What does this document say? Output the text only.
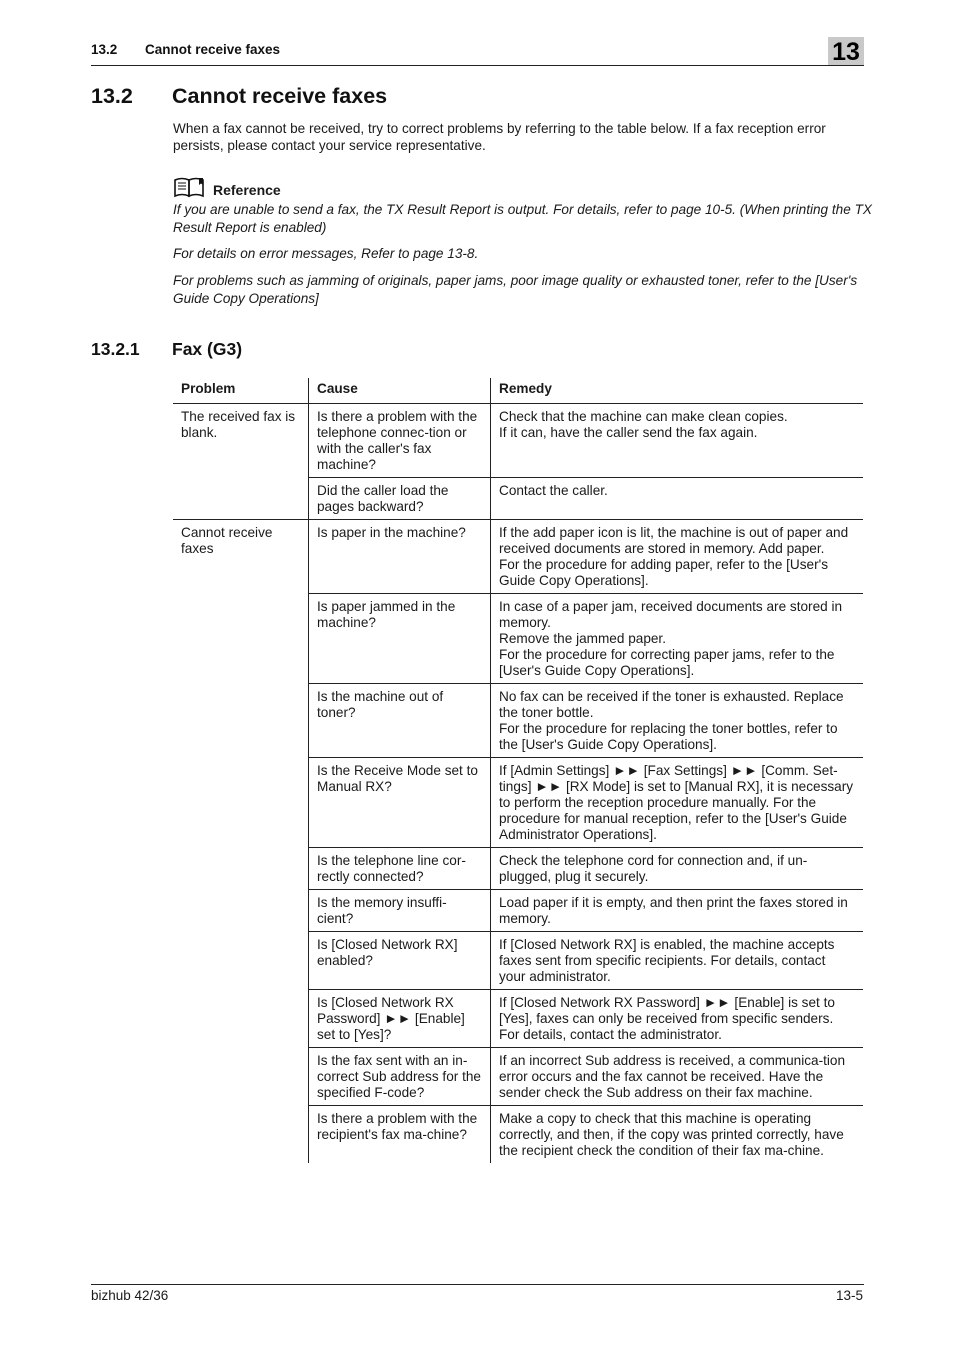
13.2 Cannot receive faxes	13
13.2 Cannot receive faxes
When a fax cannot be received, try to correct problems by referring to the table below. If a fax reception error persists, please contact your service representative.
Reference
If you are unable to send a fax, the TX Result Report is output. For details, refer to page 10-5. (When printing the TX Result Report is enabled)
For details on error messages, Refer to page 13-8.
For problems such as jamming of originals, paper jams, poor image quality or exhausted toner, refer to the [User's Guide Copy Operations]
13.2.1 Fax (G3)
Problem	Cause	Remedy
The received fax is blank.	Is there a problem with the telephone connec-tion or with the caller's fax machine?	Check that the machine can make clean copies.
If it can, have the caller send the fax again.
	Did the caller load the pages backward?	Contact the caller.
Cannot receive faxes	Is paper in the machine?	If the add paper icon is lit, the machine is out of paper and received documents are stored in memory. Add paper.
For the procedure for adding paper, refer to the [User's Guide Copy Operations].
	Is paper jammed in the machine?	In case of a paper jam, received documents are stored in memory.
Remove the jammed paper.
For the procedure for correcting paper jams, refer to the [User's Guide Copy Operations].
	Is the machine out of toner?	No fax can be received if the toner is exhausted. Replace the toner bottle.
For the procedure for replacing the toner bottles, refer to the [User's Guide Copy Operations].
	Is the Receive Mode set to Manual RX?	If [Admin Settings] ►► [Fax Settings] ►► [Comm. Set-tings] ►► [RX Mode] is set to [Manual RX], it is necessary to perform the reception procedure manually. For the procedure for manual reception, refer to the [User's Guide Administrator Operations].
	Is the telephone line cor-rectly connected?	Check the telephone cord for connection and, if un-plugged, plug it securely.
	Is the memory insuffi-cient?	Load paper if it is empty, and then print the faxes stored in memory.
	Is [Closed Network RX] enabled?	If [Closed Network RX] is enabled, the machine accepts faxes sent from specific recipients. For details, contact your administrator.
	Is [Closed Network RX Password] ►► [Enable] set to [Yes]?	If [Closed Network RX Password] ►► [Enable] is set to [Yes], faxes can only be received from specific senders. For details, contact the administrator.
	Is the fax sent with an in-correct Sub address for the specified F-code?	If an incorrect Sub address is received, a communica-tion error occurs and the fax cannot be received. Have the sender check the Sub address on their fax machine.
	Is there a problem with the recipient's fax ma-chine?	Make a copy to check that this machine is operating correctly, and then, if the copy was printed correctly, have the recipient check the condition of their fax ma-chine.
bizhub 42/36	13-5
